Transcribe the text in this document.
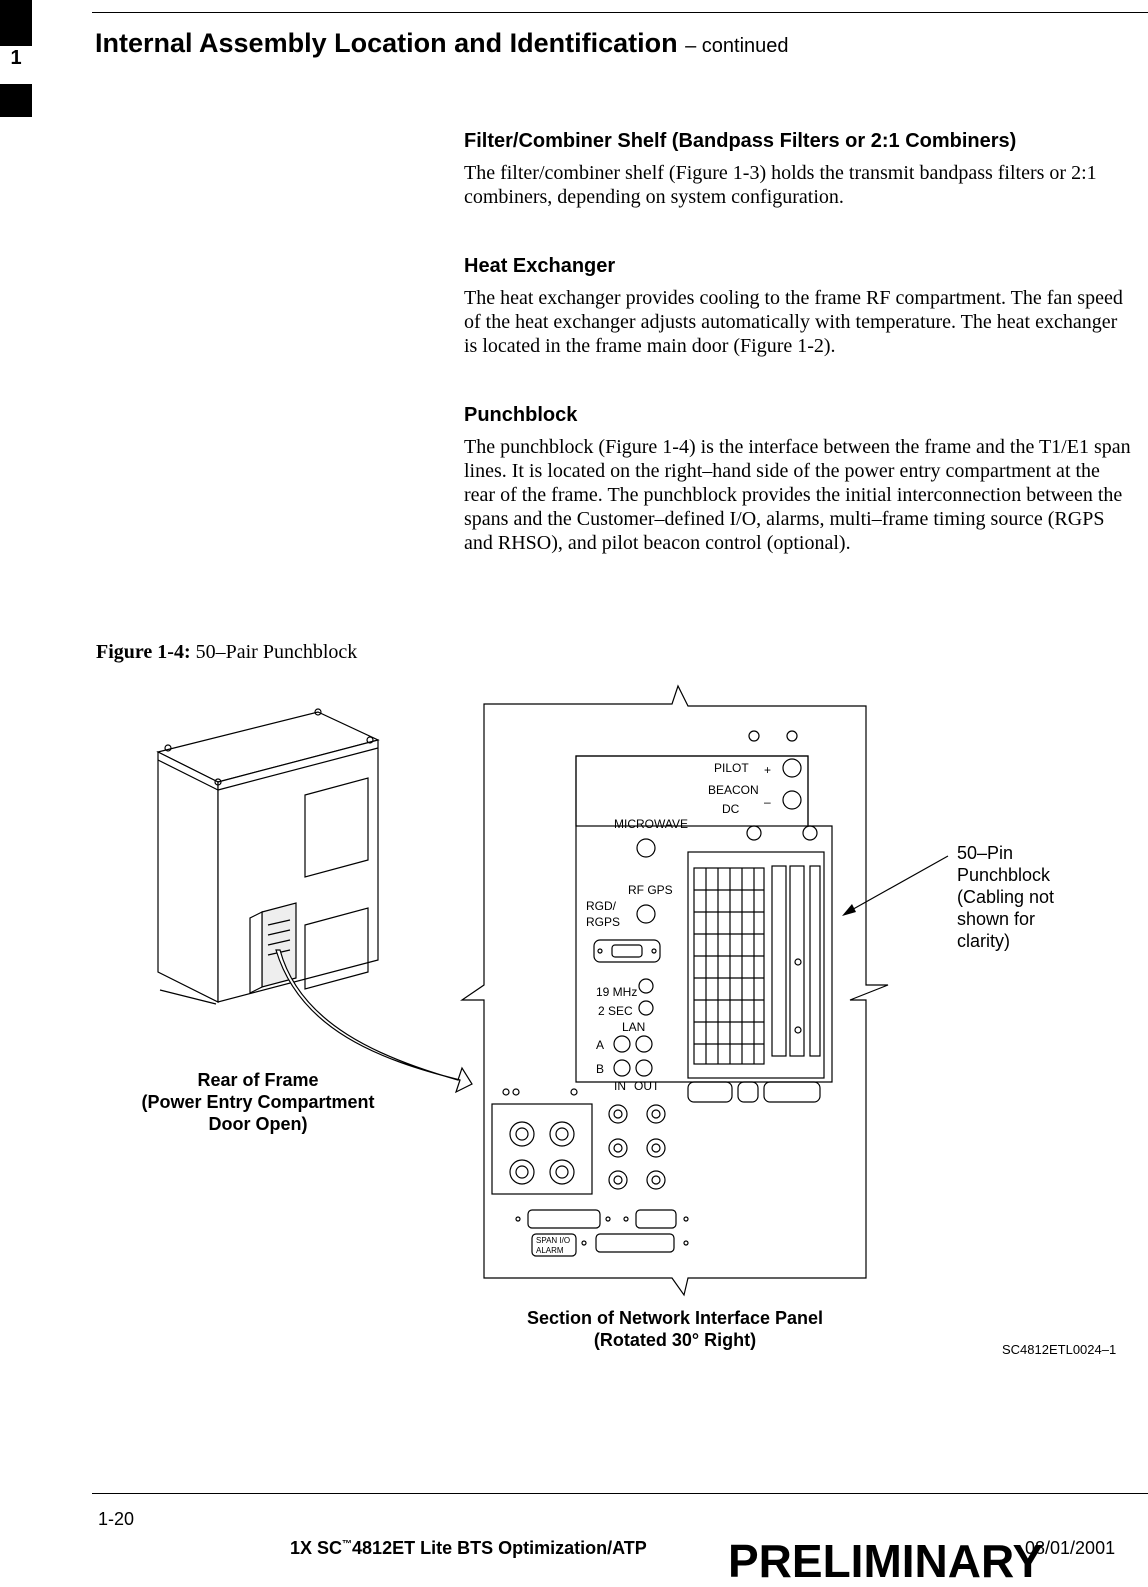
1	Internal Assembly Location and Identification – continued
Filter/Combiner Shelf (Bandpass Filters or 2:1 Combiners)

The filter/combiner shelf (Figure 1-3) holds the transmit bandpass filters or 2:1 combiners, depending on system configuration.

Heat Exchanger

The heat exchanger provides cooling to the frame RF compartment. The fan speed of the heat exchanger adjusts automatically with temperature. The heat exchanger is located in the frame main door (Figure 1-2).

Punchblock

The punchblock (Figure 1-4) is the interface between the frame and the T1/E1 span lines. It is located on the right–hand side of the power entry compartment at the rear of the frame. The punchblock provides the initial interconnection between the spans and the Customer–defined I/O, alarms, multi–frame timing source (RGPS and RHSO), and pilot beacon control (optional).

Figure 1-4: 50–Pair Punchblock
PILOT
BEACON
DC
+
–
MICROWAVE
RF GPS
RGD/
RGPS
19 MHz
2 SEC
LAN
A
B
IN OUT
SPAN I/O
ALARM
50–Pin
Punchblock
(Cabling not
shown for
clarity)
Rear of Frame
(Power Entry Compartment
Door Open)
Section of Network Interface Panel
(Rotated 30° Right)	SC4812ETL0024–1
1-20
1X SC™4812ET Lite BTS Optimization/ATP	08/01/2001
PRELIMINARY
